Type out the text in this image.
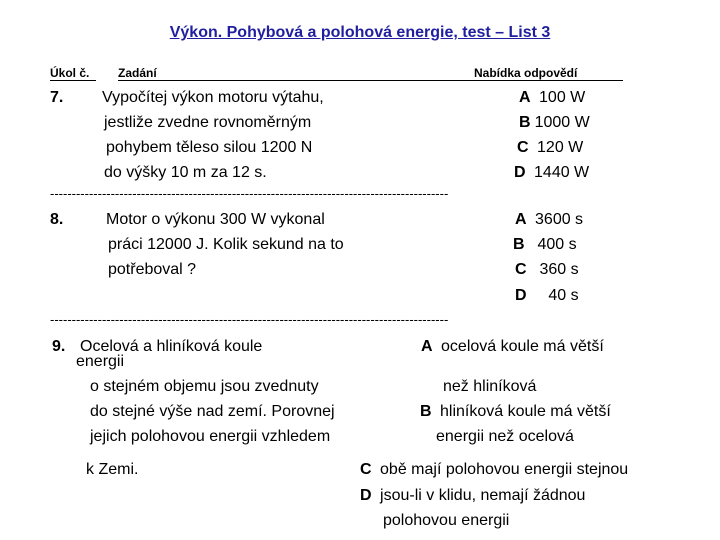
Výkon. Pohybová a polohová energie, test – List 3
Úkol č. Zadání	Nabídka odpovědí
7. Vypočítej výkon motoru výtahu,
jestliže zvedne rovnoměrným
pohybem těleso silou 1200 N
do výšky 10 m za 12 s.
A 100 W
B 1000 W
C 120 W
D 1440 W
--------------------------------------------------------------------------------------------
8.	Motor o výkonu 300 W vykonal
práci 12000 J. Kolik sekund na to
potřeboval ?
A 3600 s
B 400 s
C 360 s
D 40 s
--------------------------------------------------------------------------------------------
9. Ocelová a hliníková koule
energii
o stejném objemu jsou zvednuty
do stejné výše nad zemí. Porovnej
jejich polohovou energii vzhledem
k Zemi.
A ocelová koule má větší
než hliníková
B hliníková koule má větší
energii než ocelová
C obě mají polohovou energii stejnou
D jsou-li v klidu, nemají žádnou
polohovou energii
